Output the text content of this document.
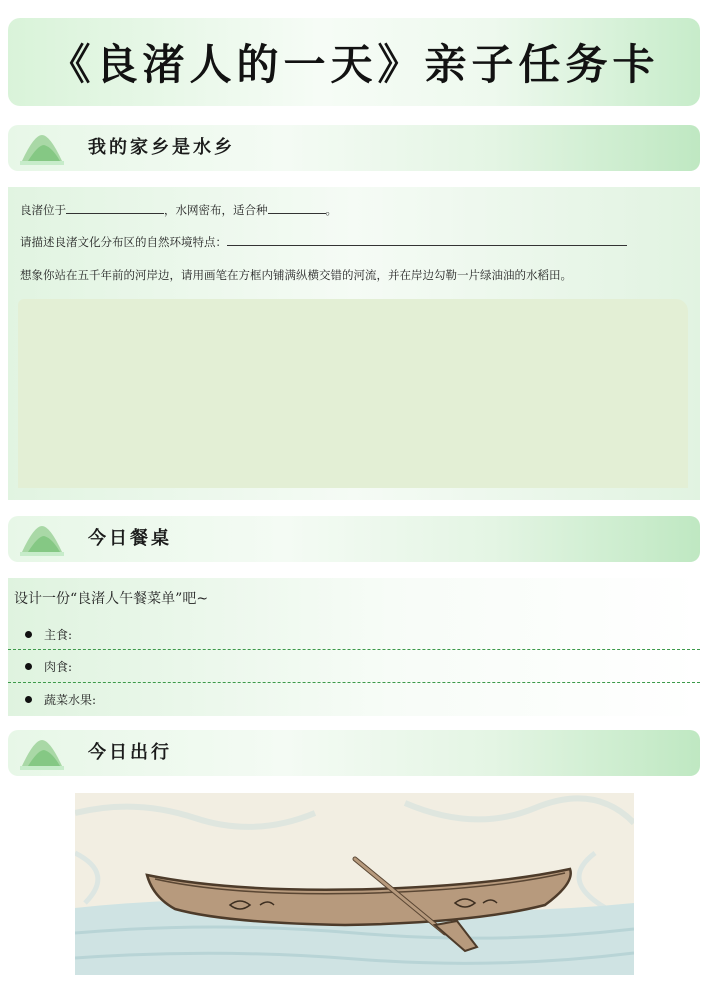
《良渚人的一天》亲子任务卡
我的家乡是水乡
良渚位于	，水网密布，适合种	。
请描述良渚文化分布区的自然环境特点：
想象你站在五千年前的河岸边，请用画笔在方框内铺满纵横交错的河流，并在岸边勾勒一片绿油油的水稻田。
今日餐桌
设计一份“良渚人午餐菜单”吧~
主食:
肉食:
蔬菜水果:
今日出行
